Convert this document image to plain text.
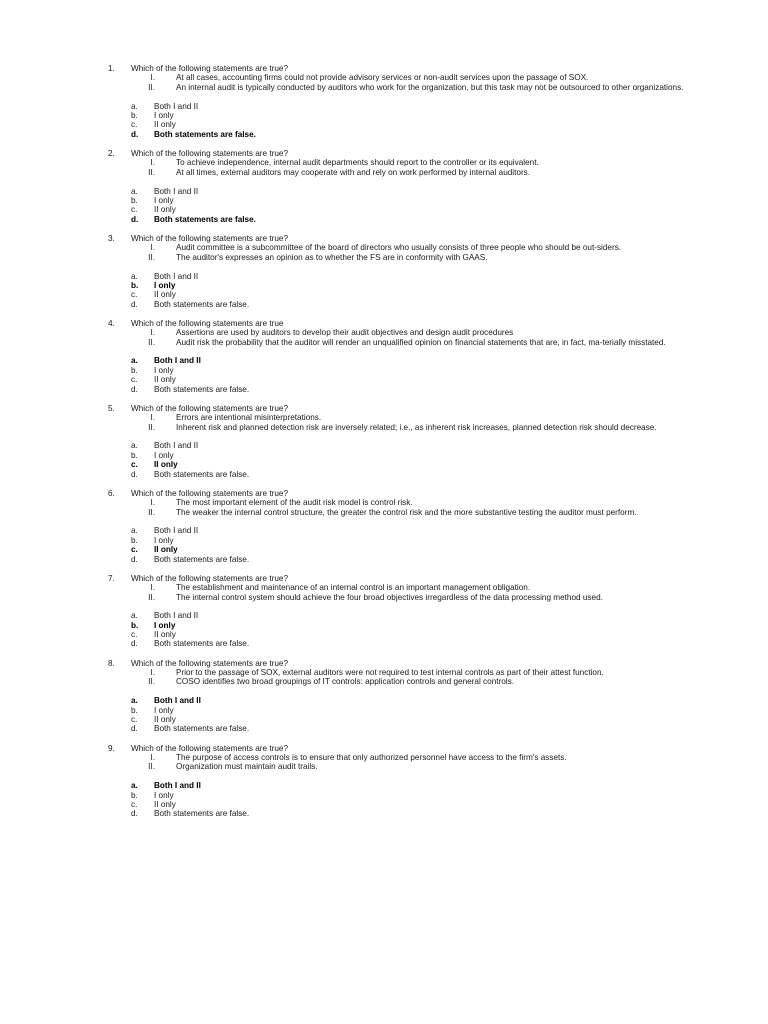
1. Which of the following statements are true?
I.	At all cases, accounting firms could not provide advisory services or non-audit services upon the passage of SOX.
II.	An internal audit is typically conducted by auditors who work for the organization, but this task may not be outsourced to other organizations.
a. Both I and II
b. I only
c. II only
d. Both statements are false.
2. Which of the following statements are true?
I.	To achieve independence, internal audit departments should report to the controller or its equivalent.
II.	At all times, external auditors may cooperate with and rely on work performed by internal auditors.
a. Both I and II
b. I only
c. II only
d. Both statements are false.
3. Which of the following statements are true?
I.	Audit committee is a subcommittee of the board of directors who usually consists of three people who should be out-siders.
II.	The auditor's expresses an opinion as to whether the FS are in conformity with GAAS.
a. Both I and II
b. I only
c. II only
d. Both statements are false.
4. Which of the following statements are true
I.	Assertions are used by auditors to develop their audit objectives and design audit procedures
II.	Audit risk the probability that the auditor will render an unqualified opinion on financial statements that are, in fact, ma-terially misstated.
a. Both I and II
b. I only
c. II only
d. Both statements are false.
5. Which of the following statements are true?
I.	Errors are intentional misinterpretations.
II.	Inherent risk and planned detection risk are inversely related; i.e., as inherent risk increases, planned detection risk should decrease.
a. Both I and II
b. I only
c. II only
d. Both statements are false.
6. Which of the following statements are true?
I.	The most important element of the audit risk model is control risk.
II.	The weaker the internal control structure, the greater the control risk and the more substantive testing the auditor must perform.
a. Both I and II
b. I only
c. II only
d. Both statements are false.
7. Which of the following statements are true?
I.	The establishment and maintenance of an internal control is an important management obligation.
II.	The internal control system should achieve the four broad objectives irregardless of the data processing method used.
a. Both I and II
b. I only
c. II only
d. Both statements are false.
8. Which of the following statements are true?
I.	Prior to the passage of SOX, external auditors were not required to test internal controls as part of their attest function.
II.	COSO identifies two broad groupings of IT controls: application controls and general controls.
a. Both I and II
b. I only
c. II only
d. Both statements are false.
9. Which of the following statements are true?
I.	The purpose of access controls is to ensure that only authorized personnel have access to the firm's assets.
II.	Organization must maintain audit trails.
a. Both I and II
b. I only
c. II only
d. Both statements are false.
